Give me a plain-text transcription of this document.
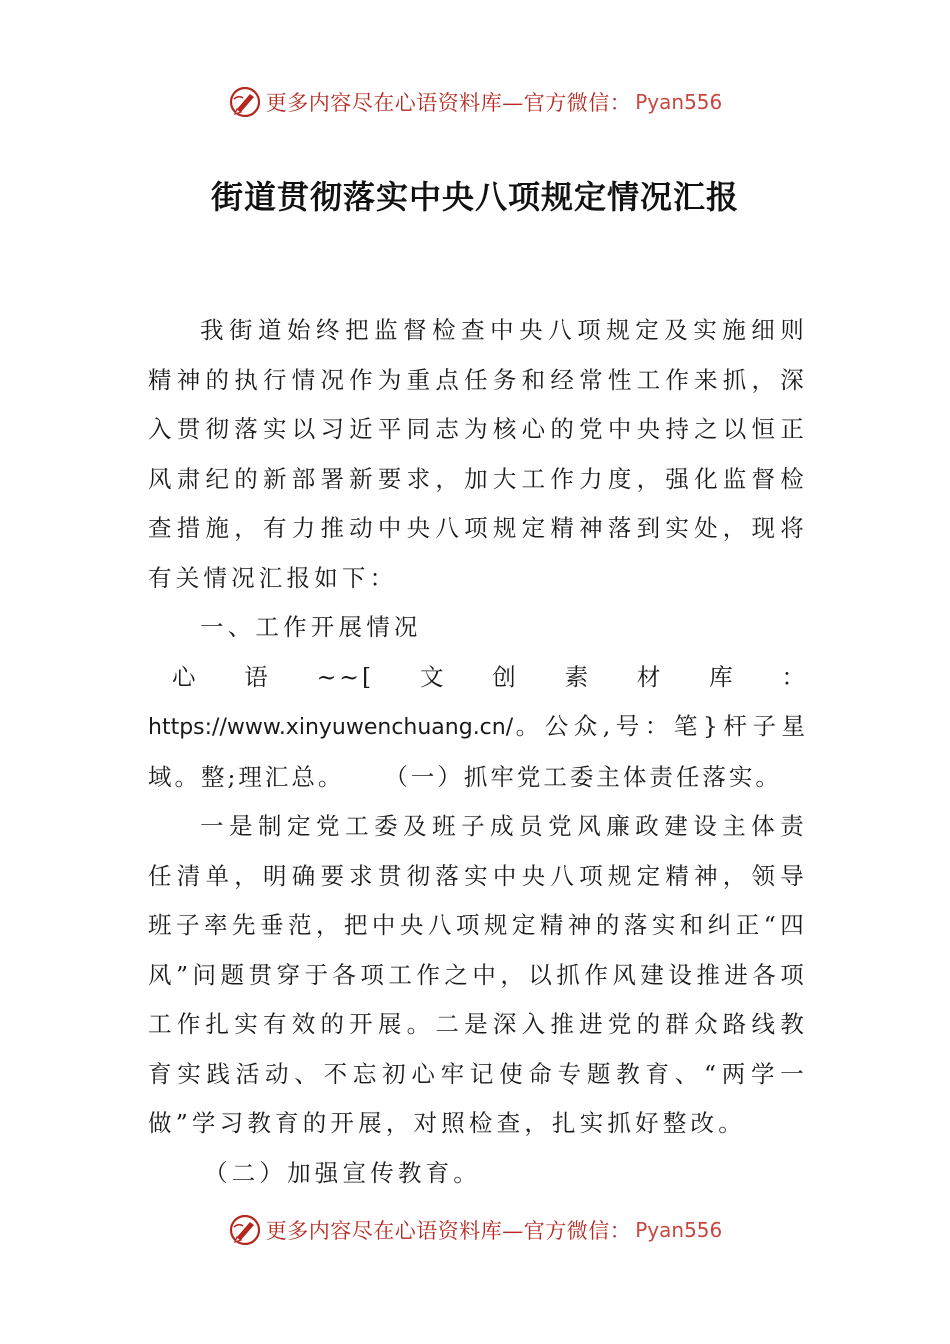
更多内容尽在心语资料库—官方微信： Pyan556
街道贯彻落实中央八项规定情况汇报

我街道始终把监督检查中央八项规定及实施细则精神的执行情况作为重点任务和经常性工作来抓，深入贯彻落实以习近平同志为核心的党中央持之以恒正风肃纪的新部署新要求，加大工作力度，强化监督检查措施，有力推动中央八项规定精神落到实处，现将有关情况汇报如下：

一、工作开展情况

心语~~[文创素材库：https://www.xinyuwenchuang.cn/。公众,号：笔}杆子星域。整;理汇总。 （一）抓牢党工委主体责任落实。

一是制定党工委及班子成员党风廉政建设主体责任清单，明确要求贯彻落实中央八项规定精神，领导班子率先垂范，把中央八项规定精神的落实和纠正“四风”问题贯穿于各项工作之中，以抓作风建设推进各项工作扎实有效的开展。二是深入推进党的群众路线教育实践活动、不忘初心牢记使命专题教育、“两学一做”学习教育的开展，对照检查，扎实抓好整改。

（二）加强宣传教育。

更多内容尽在心语资料库—官方微信： Pyan556
